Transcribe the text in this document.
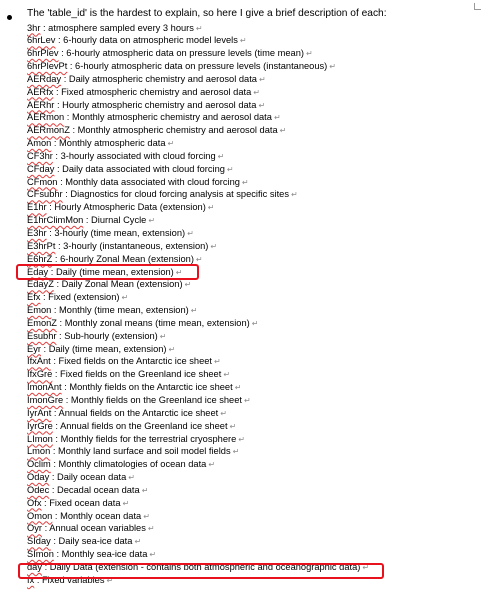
The 'table_id' is the hardest to explain, so here I give a brief description of each:
3hr : atmosphere sampled every 3 hours ↵
6hrLev : 6-hourly data on atmospheric model levels ↵
6hrPlev : 6-hourly atmospheric data on pressure levels (time mean) ↵
6hrPlevPt : 6-hourly atmospheric data on pressure levels (instantaneous) ↵
AERday : Daily atmospheric chemistry and aerosol data ↵
AERfx : Fixed atmospheric chemistry and aerosol data ↵
AERhr : Hourly atmospheric chemistry and aerosol data ↵
AERmon : Monthly atmospheric chemistry and aerosol data ↵
AERmonZ : Monthly atmospheric chemistry and aerosol data ↵
Amon : Monthly atmospheric data ↵
CF3hr : 3-hourly associated with cloud forcing ↵
CFday : Daily data associated with cloud forcing ↵
CFmon : Monthly data associated with cloud forcing ↵
CFsubhr : Diagnostics for cloud forcing analysis at specific sites ↵
E1hr : Hourly Atmospheric Data (extension) ↵
E1hrClimMon : Diurnal Cycle ↵
E3hr : 3-hourly (time mean, extension) ↵
E3hrPt : 3-hourly (instantaneous, extension) ↵
E6hrZ : 6-hourly Zonal Mean (extension) ↵
Eday : Daily (time mean, extension) ↵
EdayZ : Daily Zonal Mean (extension) ↵
Efx : Fixed (extension) ↵
Emon : Monthly (time mean, extension) ↵
EmonZ : Monthly zonal means (time mean, extension) ↵
Esubhr : Sub-hourly (extension) ↵
Eyr : Daily (time mean, extension) ↵
IfxAnt : Fixed fields on the Antarctic ice sheet ↵
IfxGre : Fixed fields on the Greenland ice sheet ↵
ImonAnt : Monthly fields on the Antarctic ice sheet ↵
ImonGre : Monthly fields on the Greenland ice sheet ↵
IyrAnt : Annual fields on the Antarctic ice sheet ↵
IyrGre : Annual fields on the Greenland ice sheet ↵
LImon : Monthly fields for the terrestrial cryosphere ↵
Lmon : Monthly land surface and soil model fields ↵
Oclim : Monthly climatologies of ocean data ↵
Oday : Daily ocean data ↵
Odec : Decadal ocean data ↵
Ofx : Fixed ocean data ↵
Omon : Monthly ocean data ↵
Oyr : Annual ocean variables ↵
SIday : Daily sea-ice data ↵
SImon : Monthly sea-ice data ↵
day : Daily Data (extension - contains both atmospheric and oceanographic data) ↵
fx : Fixed variables ↵
